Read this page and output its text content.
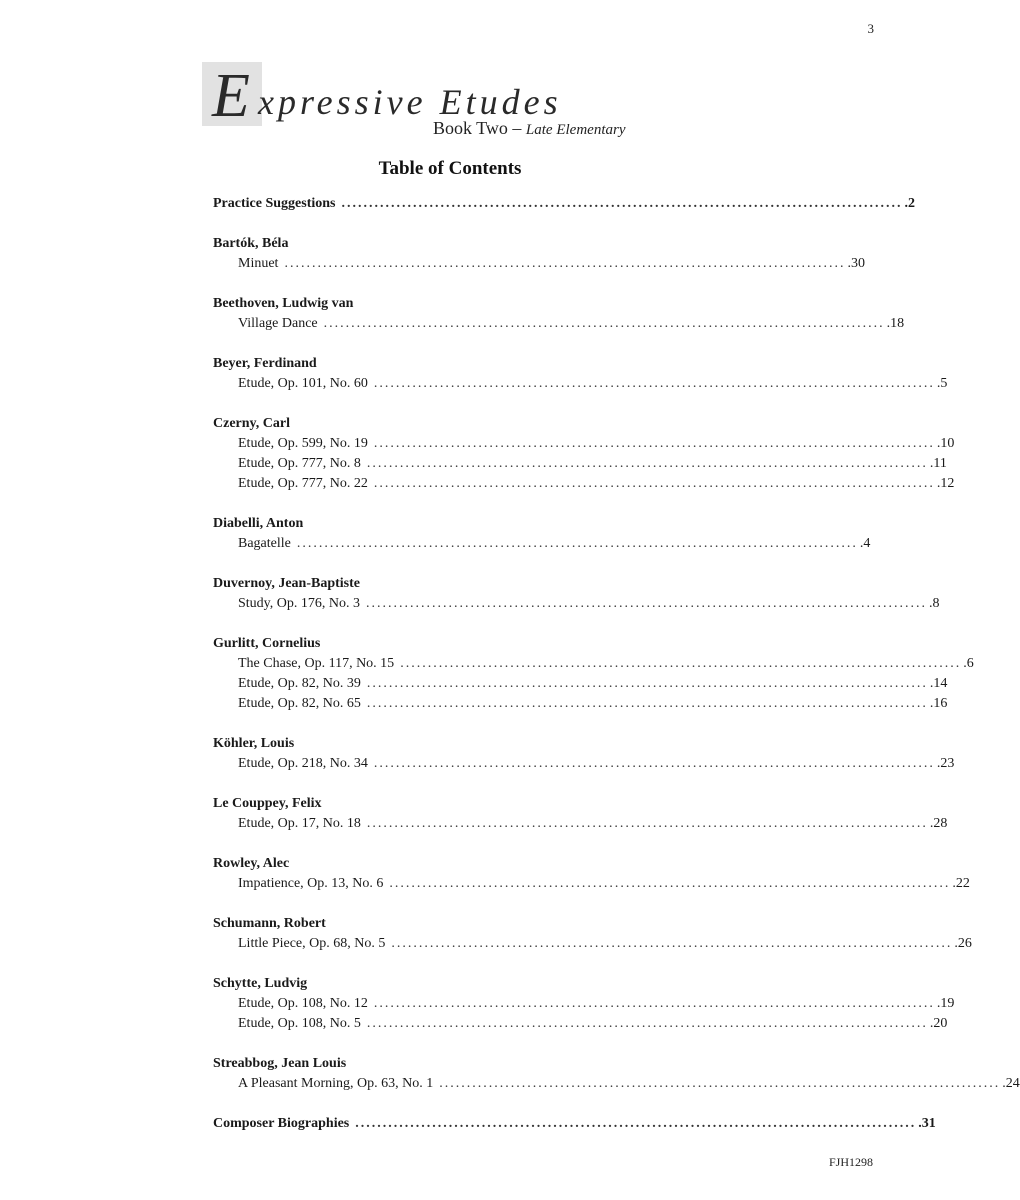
3
E xpressive Etudes
Book Two – Late Elementary
Table of Contents
Practice Suggestions ...................................................................................................... .2
Bartók, Béla
Minuet ...................................................................................................... .30
Beethoven, Ludwig van
Village Dance ...................................................................................................... .18
Beyer, Ferdinand
Etude, Op. 101, No. 60 ...................................................................................................... .5
Czerny, Carl
Etude, Op. 599, No. 19 ...................................................................................................... .10
Etude, Op. 777, No. 8 ...................................................................................................... .11
Etude, Op. 777, No. 22 ...................................................................................................... .12
Diabelli, Anton
Bagatelle ...................................................................................................... .4
Duvernoy, Jean-Baptiste
Study, Op. 176, No. 3 ...................................................................................................... .8
Gurlitt, Cornelius
The Chase, Op. 117, No. 15 ...................................................................................................... .6
Etude, Op. 82, No. 39 ...................................................................................................... .14
Etude, Op. 82, No. 65 ...................................................................................................... .16
Köhler, Louis
Etude, Op. 218, No. 34 ...................................................................................................... .23
Le Couppey, Felix
Etude, Op. 17, No. 18 ...................................................................................................... .28
Rowley, Alec
Impatience, Op. 13, No. 6 ...................................................................................................... .22
Schumann, Robert
Little Piece, Op. 68, No. 5 ...................................................................................................... .26
Schytte, Ludvig
Etude, Op. 108, No. 12 ...................................................................................................... .19
Etude, Op. 108, No. 5 ...................................................................................................... .20
Streabbog, Jean Louis
A Pleasant Morning, Op. 63, No. 1 ...................................................................................................... .24
Composer Biographies ...................................................................................................... .31
FJH1298
